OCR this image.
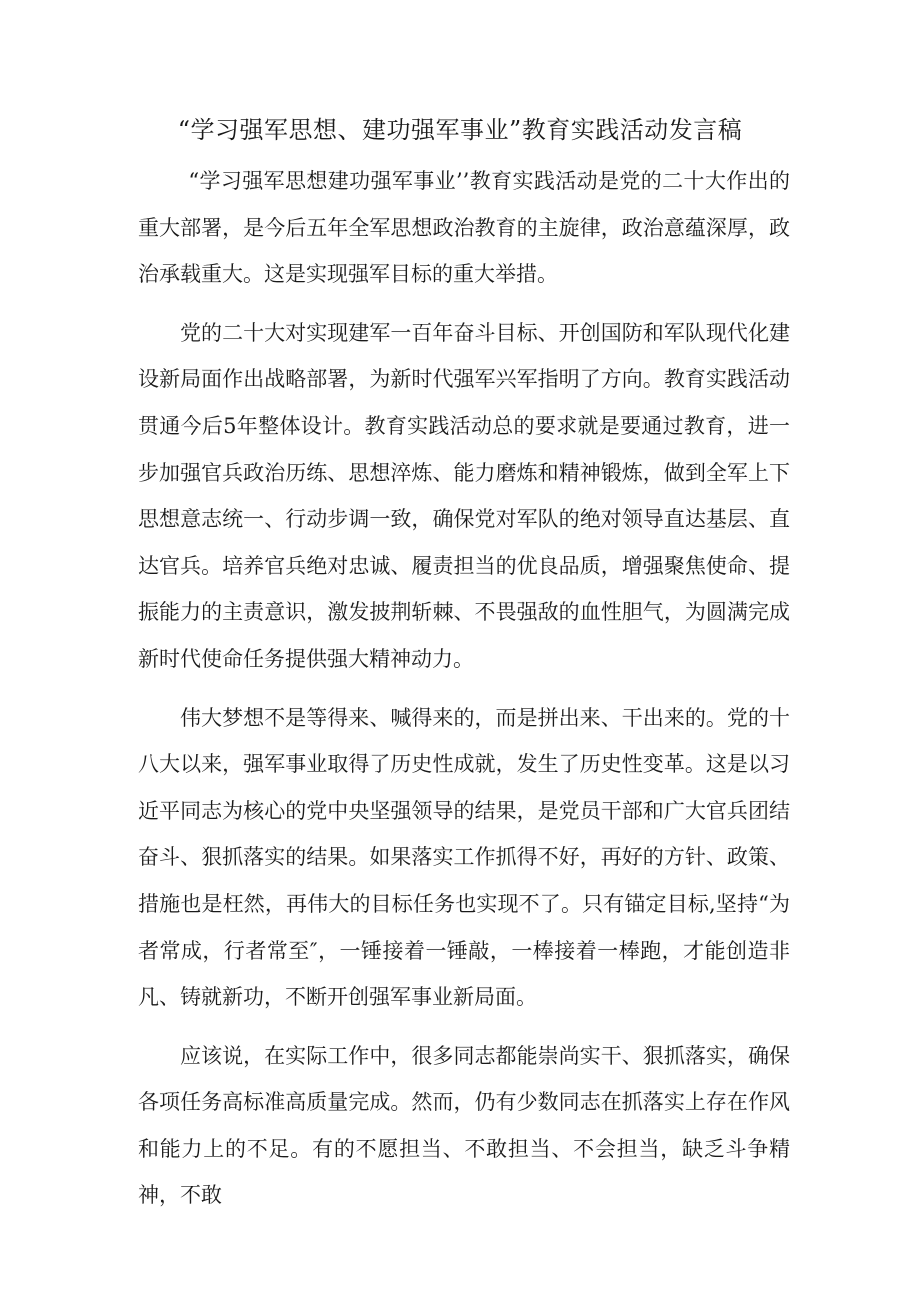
“学习强军思想、建功强军事业”教育实践活动发言稿

“学习强军思想建功强军事业’’教育实践活动是党的二十大作出的重大部署，是今后五年全军思想政治教育的主旋律，政治意蕴深厚，政治承载重大。这是实现强军目标的重大举措。

党的二十大对实现建军一百年奋斗目标、开创国防和军队现代化建设新局面作出战略部署，为新时代强军兴军指明了方向。教育实践活动贯通今后5年整体设计。教育实践活动总的要求就是要通过教育，进一步加强官兵政治历练、思想淬炼、能力磨炼和精神锻炼，做到全军上下思想意志统一、行动步调一致，确保党对军队的绝对领导直达基层、直达官兵。培养官兵绝对忠诚、履责担当的优良品质，增强聚焦使命、提振能力的主责意识，激发披荆斩棘、不畏强敌的血性胆气，为圆满完成新时代使命任务提供强大精神动力。

伟大梦想不是等得来、喊得来的，而是拼出来、干出来的。党的十八大以来，强军事业取得了历史性成就，发生了历史性变革。这是以习近平同志为核心的党中央坚强领导的结果，是党员干部和广大官兵团结奋斗、狠抓落实的结果。如果落实工作抓得不好，再好的方针、政策、措施也是枉然，再伟大的目标任务也实现不了。只有锚定目标,坚持“为者常成，行者常至″，一锤接着一锤敲，一棒接着一棒跑，才能创造非凡、铸就新功，不断开创强军事业新局面。

应该说，在实际工作中，很多同志都能崇尚实干、狠抓落实，确保各项任务高标准高质量完成。然而，仍有少数同志在抓落实上存在作风和能力上的不足。有的不愿担当、不敢担当、不会担当，缺乏斗争精神，不敢
